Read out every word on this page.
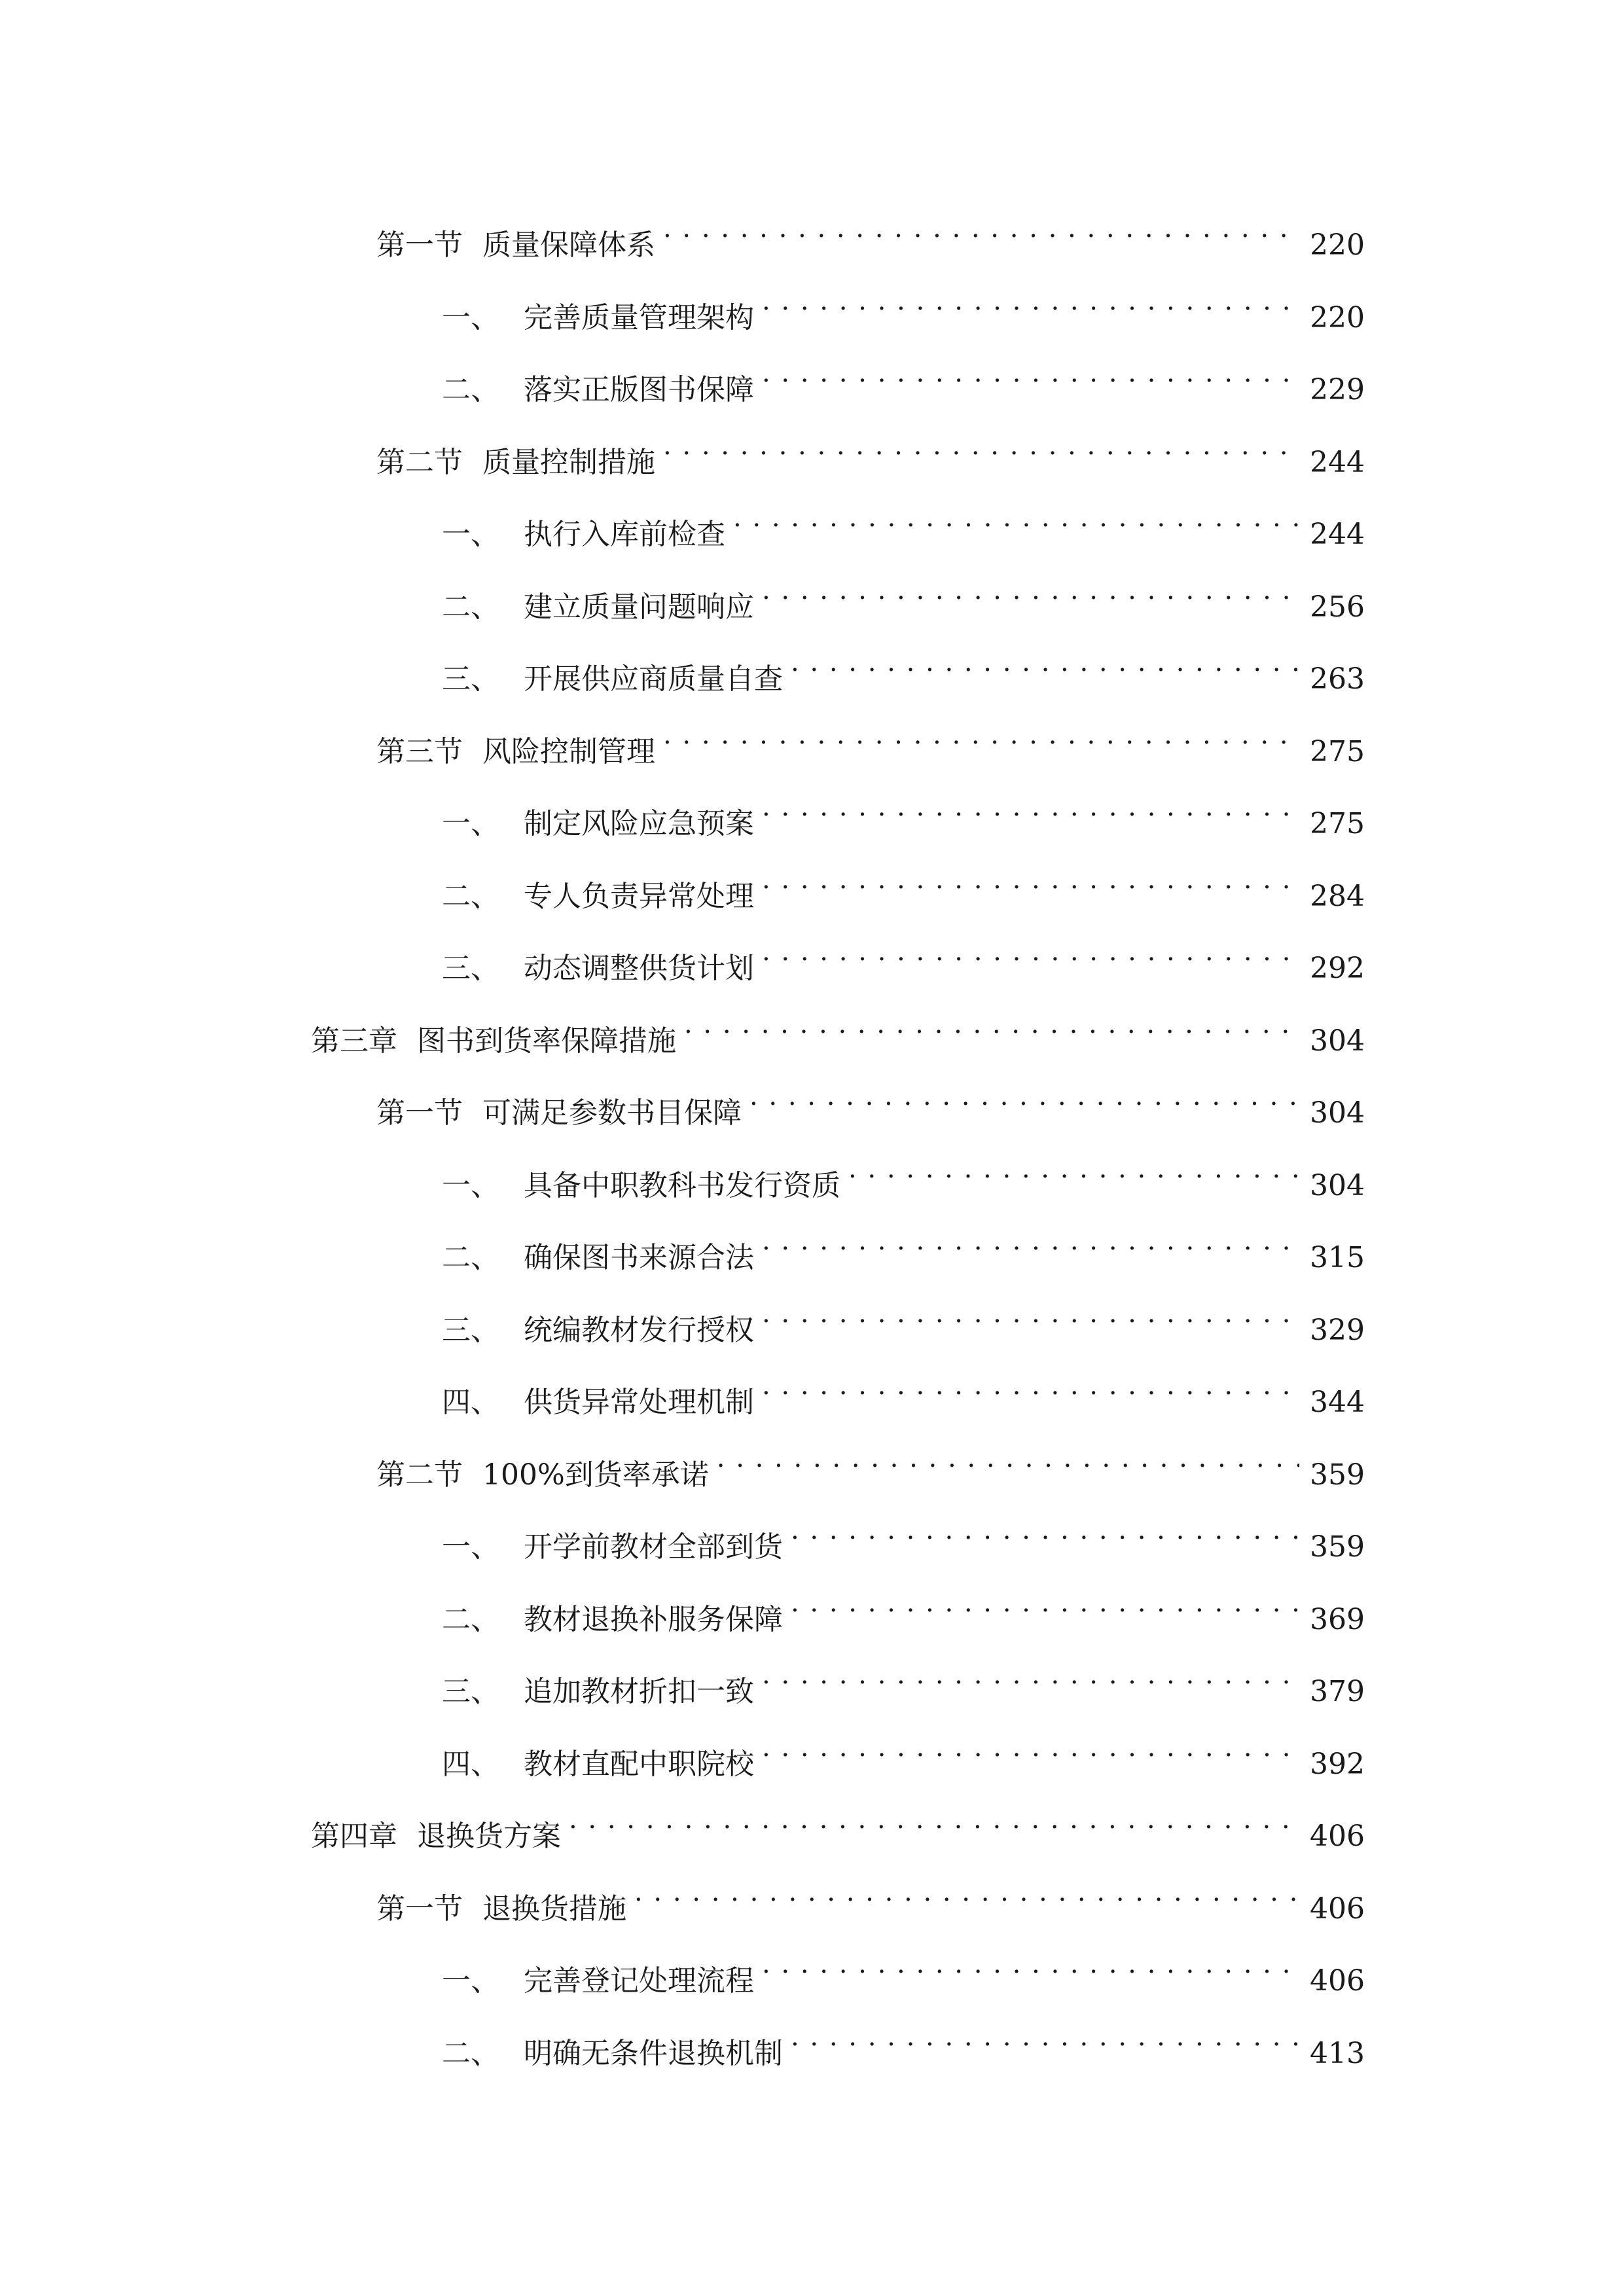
第一节 质量保障体系 . . .	220
一、 完善质量管理架构 . . .	220
二、 落实正版图书保障 . . .	229
第二节 质量控制措施 . . .	244
一、 执行入库前检查 . . .	244
二、 建立质量问题响应 . . .	256
三、 开展供应商质量自查 . . .	263
第三节 风险控制管理 . . .	275
一、 制定风险应急预案 . . .	275
二、 专人负责异常处理 . . .	284
三、 动态调整供货计划 . . .	292
第三章 图书到货率保障措施 . . .	304
第一节 可满足参数书目保障 . . .	304
一、 具备中职教科书发行资质 . . .	304
二、 确保图书来源合法 . . .	315
三、 统编教材发行授权 . . .	329
四、 供货异常处理机制 . . .	344
第二节 100%到货率承诺 . . .	359
一、 开学前教材全部到货 . . .	359
二、 教材退换补服务保障 . . .	369
三、 追加教材折扣一致 . . .	379
四、 教材直配中职院校 . . .	392
第四章 退换货方案 . . .	406
第一节 退换货措施 . . .	406
一、 完善登记处理流程 . . .	406
二、 明确无条件退换机制 . . .	413
